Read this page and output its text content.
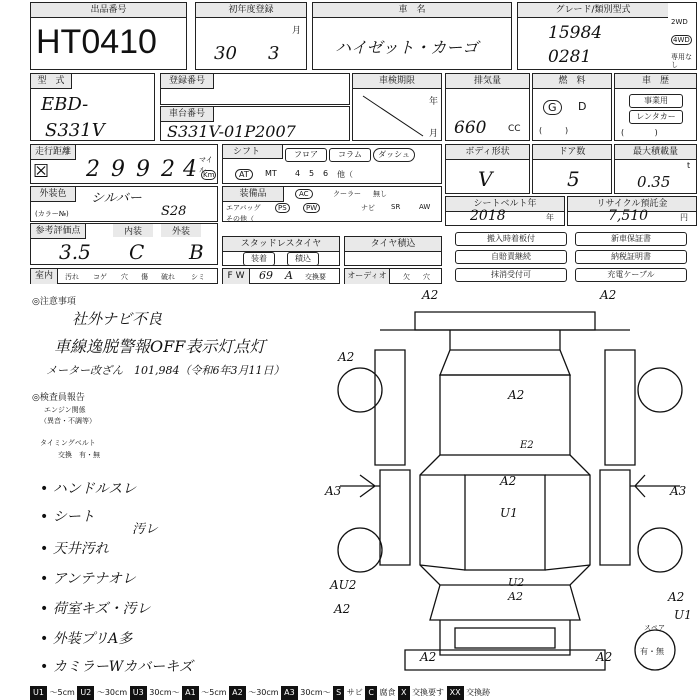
出品番号
HT0410
初年度登録
30 3
月
車　名
ハイゼット・カーゴ
グレード/類別型式
15984
0281
2WD
4WD
専用なし
型　式
EBD-
S331V
登録番号
車台番号
S331V-01P2007
車検期限
年
月
排気量
660 CC
燃　料
G	D
(         )
車　歴
事業用
レンタカー
(            )
走行距離
☒ 2 9 9 2 4 マイル
Km
シフト	フロア	コラム	ダッシュ
AT	MT 4 5 6 他（
ボディ形状
V
ドア数
5
最大積載量
t
0.35
外装色	シルバー
(カラー№)	S28
装備品	AC	クーラー 無し
エアバッグ	PS	PW	ナビ SR	AW
その他（
シートベルト年
2018	年
リサイクル預託金
7,510	円
参考評価点
3.5
内装
C
外装
B	スタッドレスタイヤ
装着	積込
タイヤ積込
搬入時着板付	新車保証書
自賠責継続	納税証明書
抹消受付可	充電ケーブル
室内	汚れ コゲ 穴 傷 破れ シミ	F W	69 A 交換要	オーディオ	欠 穴
◎注意事項
社外ナビ不良
車線逸脱警報OFF表示灯点灯
メーター改ざん　101,984（令和6年3月11日）
◎検査員報告
エンジン関係
（異音・不調等）
タイミングベルト
交換　有・無
• ハンドルスレ
• シート
汚レ
• 天井汚れ
• アンテナオレ
• 荷室キズ・汚レ
• 外装プリA多
• カミラーWカバーキズ
A2	A2
A2
A2
A3	A3
A2
U1
E2
AU2
A2
U2
A2	A2
U1
A2	A2
スペア
有・無
U1 ～5cm U2 ～30cm U3 30cm～ A1 ～5cm A2 ～30cm A3 30cm～ S サビ C 腐食 X 交換要す XX 交換跡
